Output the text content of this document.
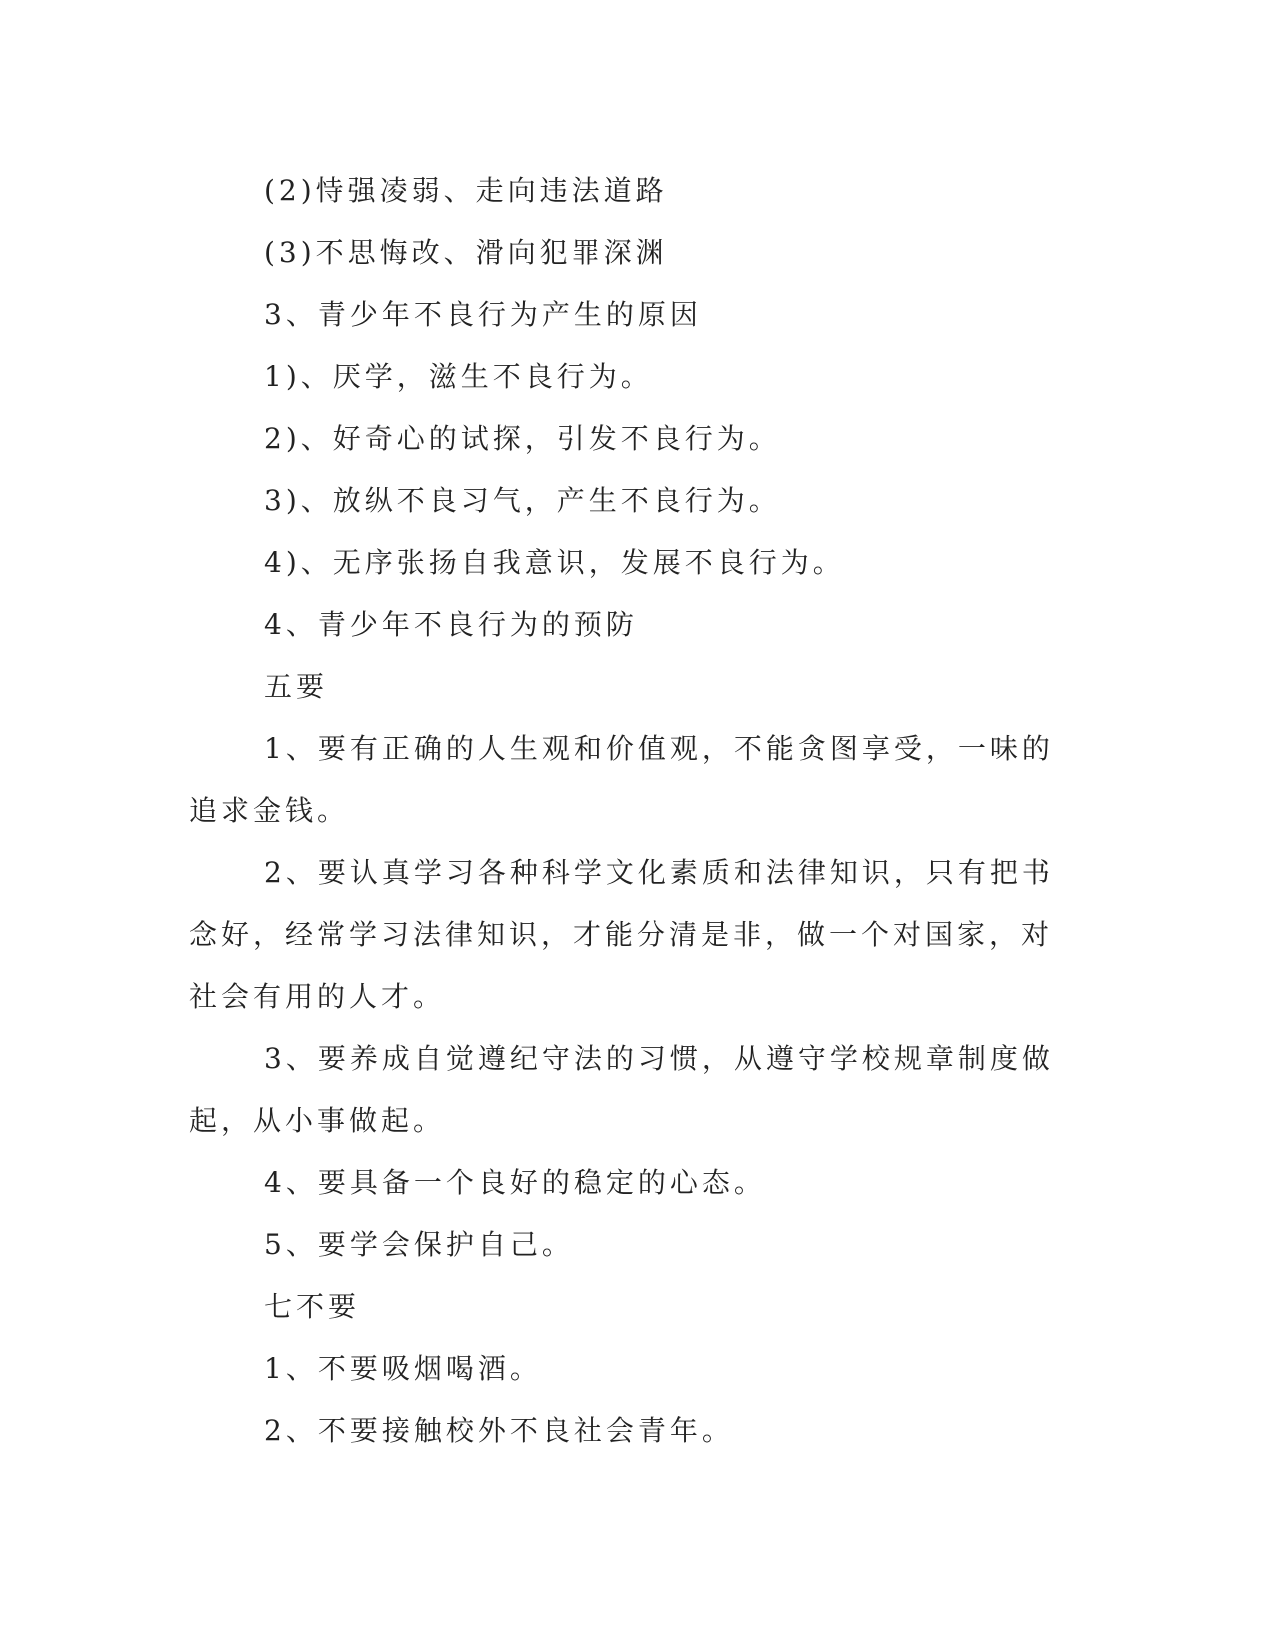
(2)恃强凌弱、走向违法道路

(3)不思悔改、滑向犯罪深渊

3、青少年不良行为产生的原因

1)、厌学，滋生不良行为。

2)、好奇心的试探，引发不良行为。

3)、放纵不良习气，产生不良行为。

4)、无序张扬自我意识，发展不良行为。

4、青少年不良行为的预防

五要

1、要有正确的人生观和价值观，不能贪图享受，一味的追求金钱。

2、要认真学习各种科学文化素质和法律知识，只有把书念好，经常学习法律知识，才能分清是非，做一个对国家，对社会有用的人才。

3、要养成自觉遵纪守法的习惯，从遵守学校规章制度做起，从小事做起。

4、要具备一个良好的稳定的心态。

5、要学会保护自己。

七不要

1、不要吸烟喝酒。

2、不要接触校外不良社会青年。
